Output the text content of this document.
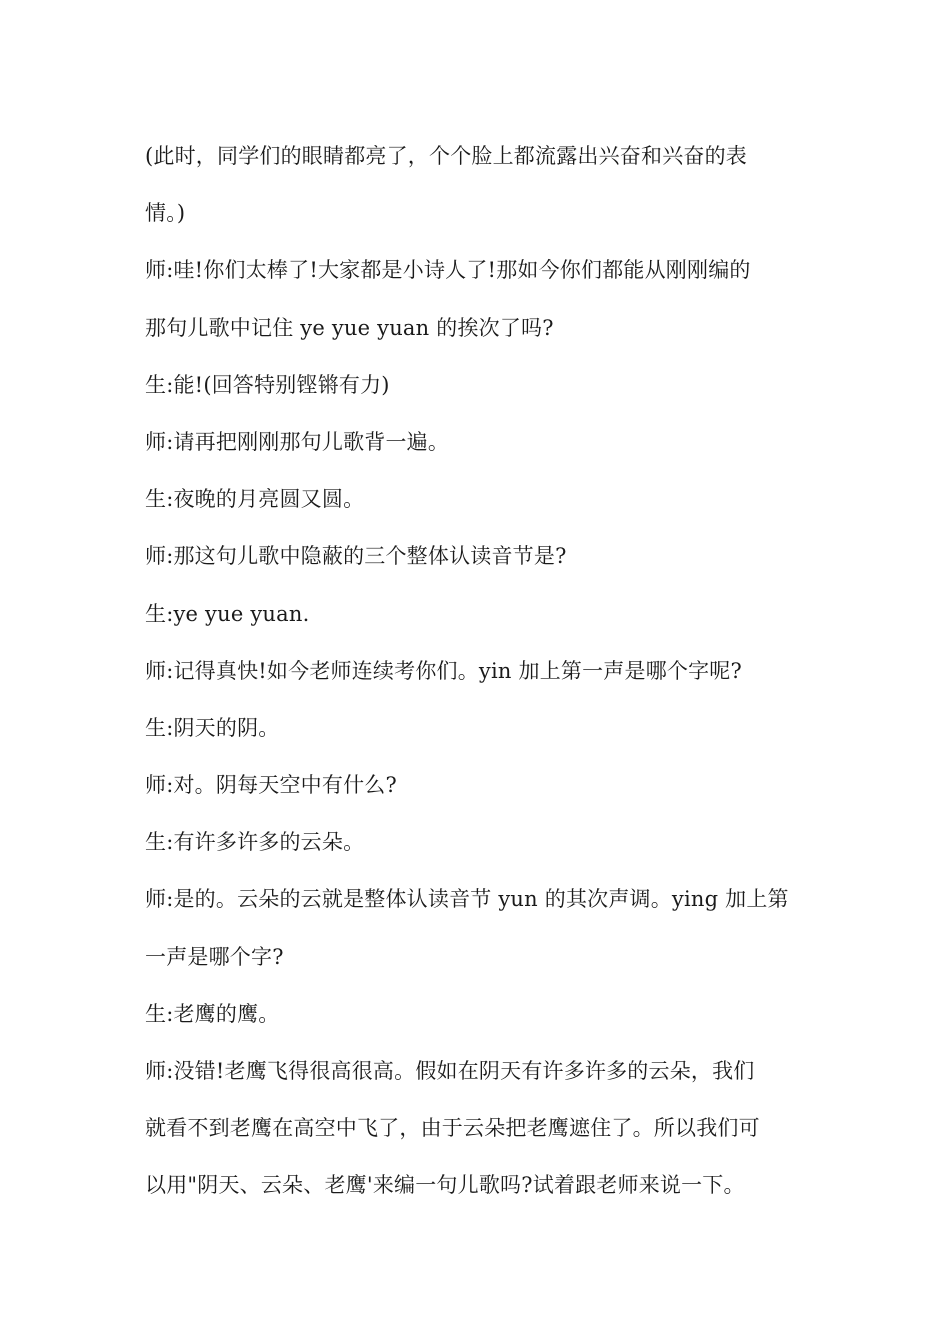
(此时，同学们的眼睛都亮了，个个脸上都流露出兴奋和兴奋的表
情。)
师:哇!你们太棒了!大家都是小诗人了!那如今你们都能从刚刚编的
那句儿歌中记住 ye yue yuan 的挨次了吗?
生:能!(回答特别铿锵有力)
师:请再把刚刚那句儿歌背一遍。
生:夜晚的月亮圆又圆。
师:那这句儿歌中隐蔽的三个整体认读音节是?
生:ye yue yuan.
师:记得真快!如今老师连续考你们。yin 加上第一声是哪个字呢?
生:阴天的阴。
师:对。阴每天空中有什么?
生:有许多许多的云朵。
师:是的。云朵的云就是整体认读音节 yun 的其次声调。ying 加上第
一声是哪个字?
生:老鹰的鹰。
师:没错!老鹰飞得很高很高。假如在阴天有许多许多的云朵，我们
就看不到老鹰在高空中飞了，由于云朵把老鹰遮住了。所以我们可
以用"阴天、云朵、老鹰'来编一句儿歌吗?试着跟老师来说一下。
